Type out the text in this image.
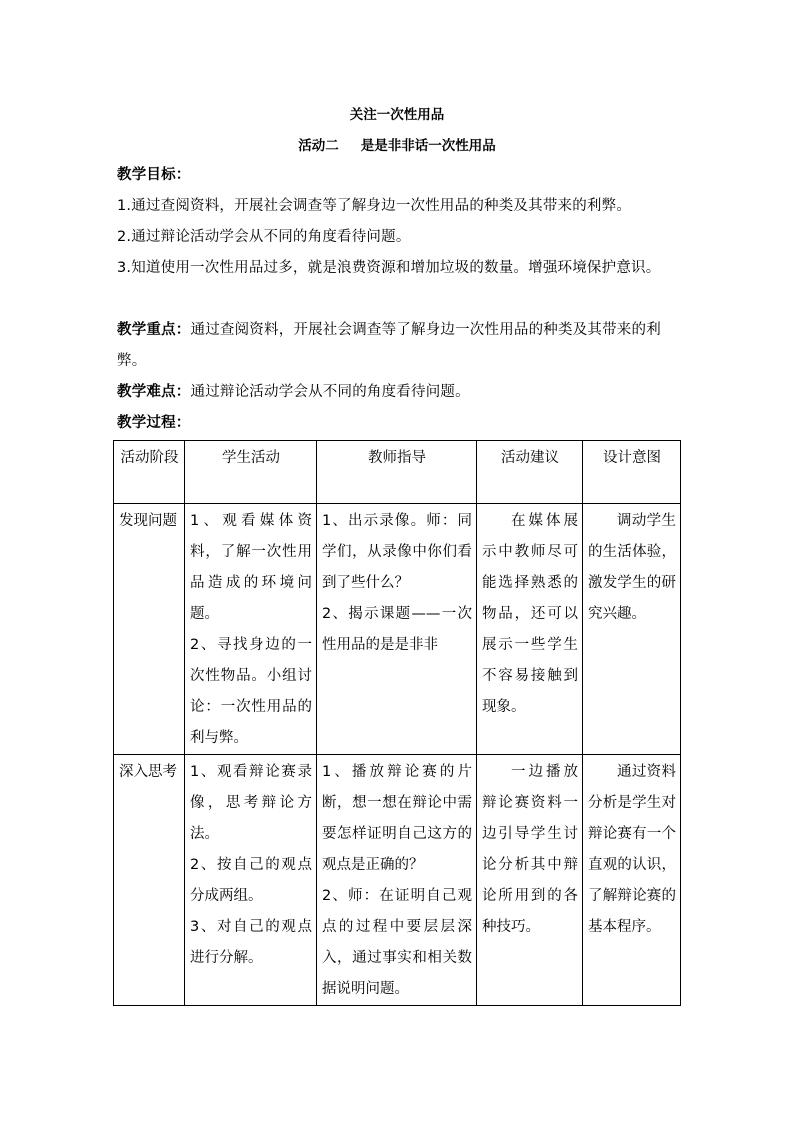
关注一次性用品
活动二 是是非非话一次性用品
教学目标：
1.通过查阅资料，开展社会调查等了解身边一次性用品的种类及其带来的利弊。
2.通过辩论活动学会从不同的角度看待问题。
3.知道使用一次性用品过多，就是浪费资源和增加垃圾的数量。增强环境保护意识。
教学重点：通过查阅资料，开展社会调查等了解身边一次性用品的种类及其带来的利弊。
教学难点：通过辩论活动学会从不同的角度看待问题。
教学过程：
活动阶段	学生活动	教师指导	活动建议	设计意图

发现问题	1、观看媒体资料，了解一次性用品造成的环境问题。
2、寻找身边的一次性物品。小组讨论：一次性用品的利与弊。	1、出示录像。师：同学们，从录像中你们看到了些什么？
2、揭示课题——一次性用品的是是非非	在媒体展示中教师尽可能选择熟悉的物品，还可以展示一些学生不容易接触到现象。	调动学生的生活体验，激发学生的研究兴趣。

深入思考	1、观看辩论赛录像，思考辩论方法。
2、按自己的观点分成两组。
3、对自己的观点进行分解。	1、播放辩论赛的片断，想一想在辩论中需要怎样证明自己这方的观点是正确的？
2、师：在证明自己观点的过程中要层层深入，通过事实和相关数据说明问题。	一边播放辩论赛资料一边引导学生讨论分析其中辩论所用到的各种技巧。	通过资料分析是学生对辩论赛有一个直观的认识，了解辩论赛的基本程序。
